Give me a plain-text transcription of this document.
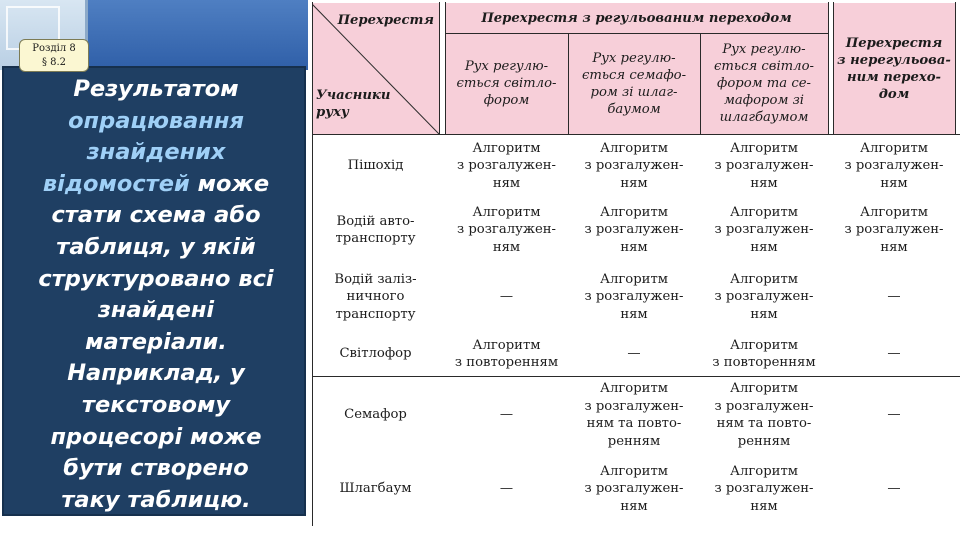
Розділ 8
§ 8.2
Результатом
опрацювання
знайдених
відомостей може
стати схема або
таблиця, у якій
структуровано всі
знайдені
матеріали.
Наприклад, у
текстовому
процесорі може
бути створено
таку таблицю.
Перехрестя
Учасники
руху
Перехрестя з регульованим переходом
Перехрестя
з нерегульова-
ним перехо-
дом
Рух регулю-
ється світло-
фором
Рух регулю-
ється семафо-
ром зі шлаг-
баумом
Рух регулю-
ється світло-
фором та се-
мафором зі
шлагбаумом
Пішохід
Алгоритм
з розгалужен-
ням
Алгоритм
з розгалужен-
ням
Алгоритм
з розгалужен-
ням
Алгоритм
з розгалужен-
ням
Водій авто-
транспорту
Алгоритм
з розгалужен-
ням
Алгоритм
з розгалужен-
ням
Алгоритм
з розгалужен-
ням
Алгоритм
з розгалужен-
ням
Водій заліз-
ничного
транспорту
—
Алгоритм
з розгалужен-
ням
Алгоритм
з розгалужен-
ням
—
Світлофор
Алгоритм
з повторенням
—
Алгоритм
з повторенням
—
Семафор	—
Алгоритм
з розгалужен-
ням та повто-
ренням
Алгоритм
з розгалужен-
ням та повто-
ренням
—
Шлагбаум	—
Алгоритм
з розгалужен-
ням
Алгоритм
з розгалужен-
ням
—
